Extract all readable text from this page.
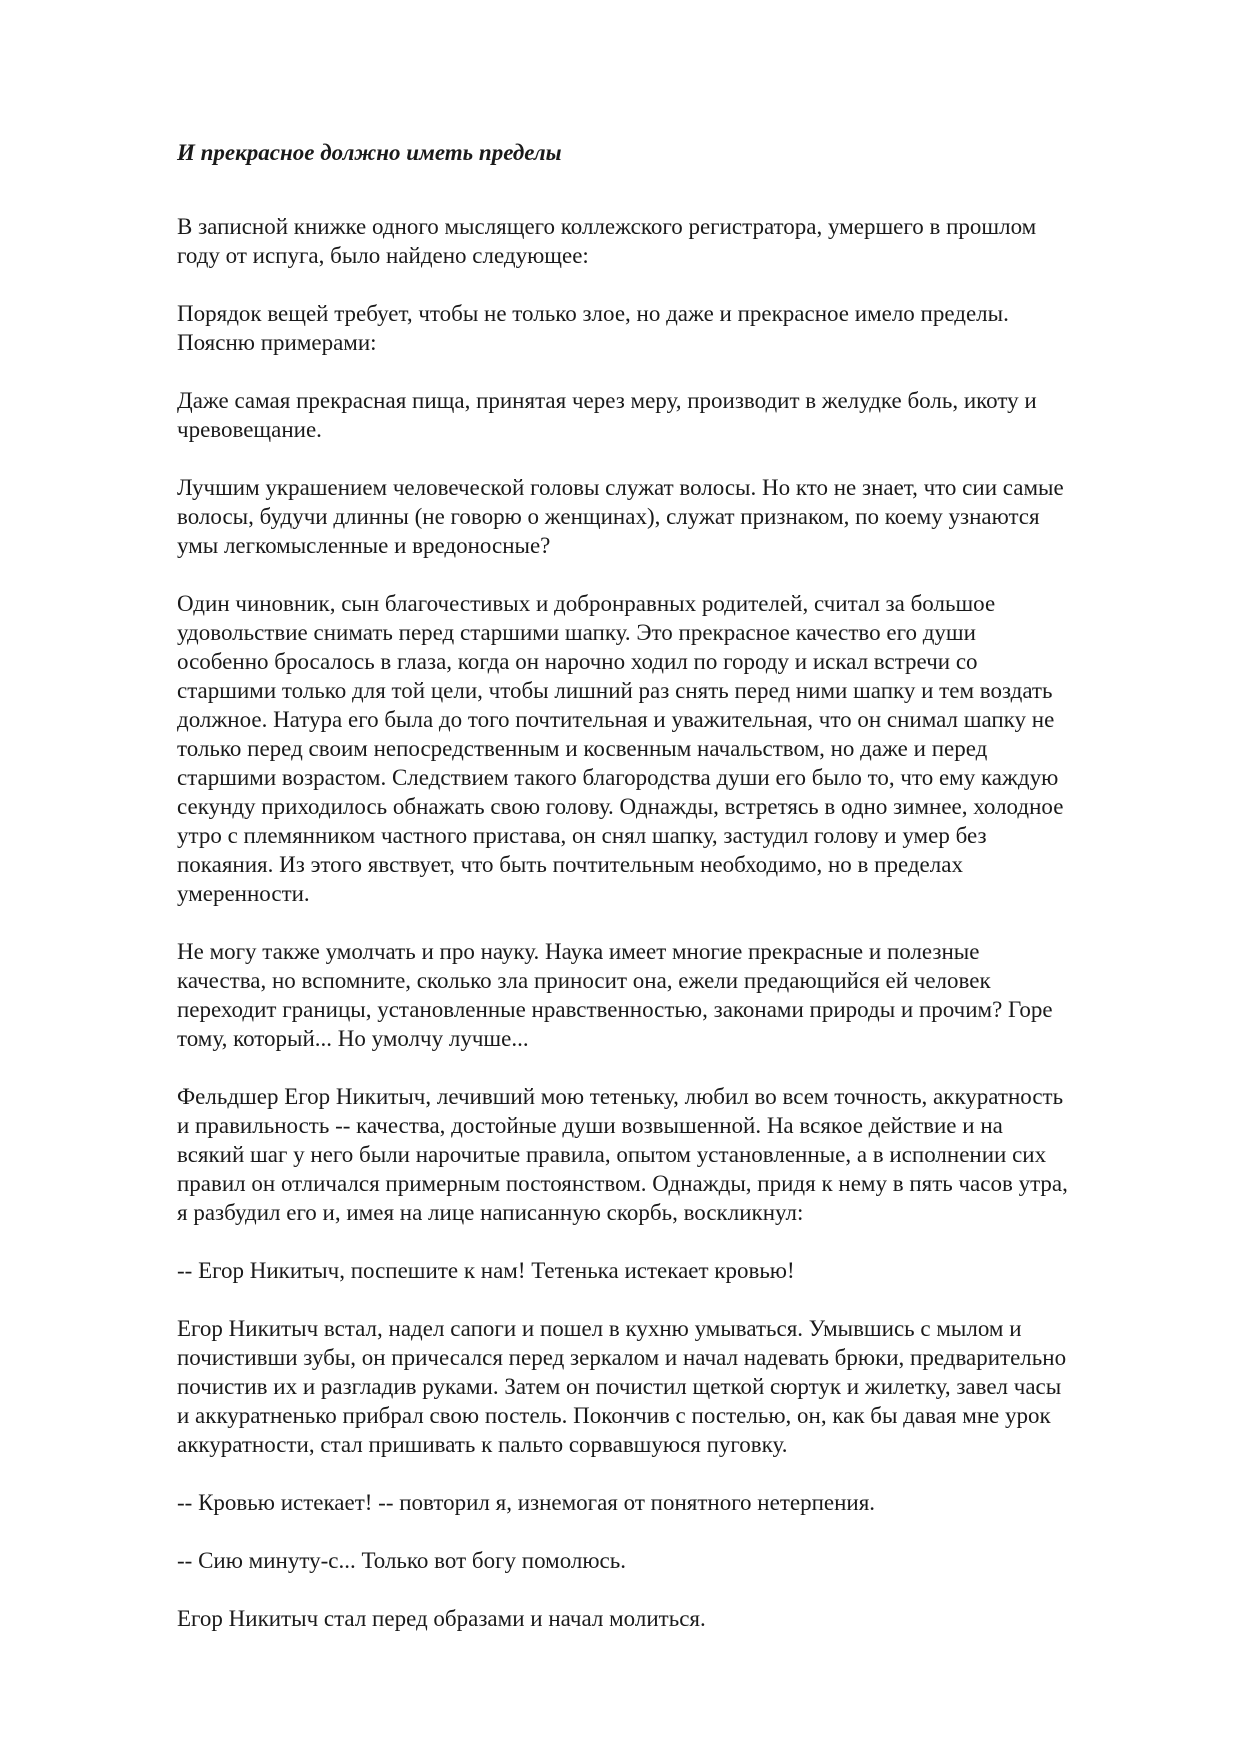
И прекрасное должно иметь пределы

В записной книжке одного мыслящего коллежского регистратора, умершего в прошлом
году от испуга, было найдено следующее:

Порядок вещей требует, чтобы не только злое, но даже и прекрасное имело пределы.
Поясню примерами:

Даже самая прекрасная пища, принятая через меру, производит в желудке боль, икоту и
чревовещание.

Лучшим украшением человеческой головы служат волосы. Но кто не знает, что сии самые
волосы, будучи длинны (не говорю о женщинах), служат признаком, по коему узнаются
умы легкомысленные и вредоносные?

Один чиновник, сын благочестивых и добронравных родителей, считал за большое
удовольствие снимать перед старшими шапку. Это прекрасное качество его души
особенно бросалось в глаза, когда он нарочно ходил по городу и искал встречи со
старшими только для той цели, чтобы лишний раз снять перед ними шапку и тем воздать
должное. Натура его была до того почтительная и уважительная, что он снимал шапку не
только перед своим непосредственным и косвенным начальством, но даже и перед
старшими возрастом. Следствием такого благородства души его было то, что ему каждую
секунду приходилось обнажать свою голову. Однажды, встретясь в одно зимнее, холодное
утро с племянником частного пристава, он снял шапку, застудил голову и умер без
покаяния. Из этого явствует, что быть почтительным необходимо, но в пределах
умеренности.

Не могу также умолчать и про науку. Наука имеет многие прекрасные и полезные
качества, но вспомните, сколько зла приносит она, ежели предающийся ей человек
переходит границы, установленные нравственностью, законами природы и прочим? Горе
тому, который... Но умолчу лучше...

Фельдшер Егор Никитыч, лечивший мою тетеньку, любил во всем точность, аккуратность
и правильность -- качества, достойные души возвышенной. На всякое действие и на
всякий шаг у него были нарочитые правила, опытом установленные, а в исполнении сих
правил он отличался примерным постоянством. Однажды, придя к нему в пять часов утра,
я разбудил его и, имея на лице написанную скорбь, воскликнул:

-- Егор Никитыч, поспешите к нам! Тетенька истекает кровью!

Егор Никитыч встал, надел сапоги и пошел в кухню умываться. Умывшись с мылом и
почистивши зубы, он причесался перед зеркалом и начал надевать брюки, предварительно
почистив их и разгладив руками. Затем он почистил щеткой сюртук и жилетку, завел часы
и аккуратненько прибрал свою постель. Покончив с постелью, он, как бы давая мне урок
аккуратности, стал пришивать к пальто сорвавшуюся пуговку.

-- Кровью истекает! -- повторил я, изнемогая от понятного нетерпения.

-- Сию минуту-с... Только вот богу помолюсь.

Егор Никитыч стал перед образами и начал молиться.
